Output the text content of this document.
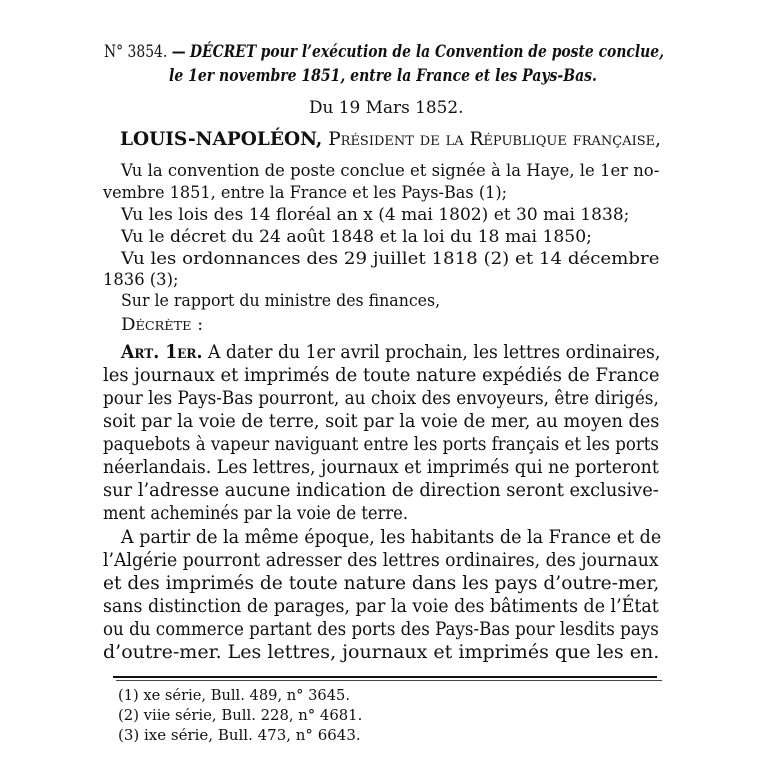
N° 3854. — DÉCRET pour l’exécution de la Convention de poste conclue,
le 1er novembre 1851, entre la France et les Pays-Bas.
Du 19 Mars 1852.
LOUIS-NAPOLÉON, Président de la République française,
Vu la convention de poste conclue et signée à la Haye, le 1er no-
vembre 1851, entre la France et les Pays-Bas (1);
Vu les lois des 14 floréal an x (4 mai 1802) et 30 mai 1838;
Vu le décret du 24 août 1848 et la loi du 18 mai 1850;
Vu les ordonnances des 29 juillet 1818 (2) et 14 décembre
1836 (3);
Sur le rapport du ministre des finances,
Décrète :
Art. 1er. A dater du 1er avril prochain, les lettres ordinaires,
les journaux et imprimés de toute nature expédiés de France
pour les Pays-Bas pourront, au choix des envoyeurs, être dirigés,
soit par la voie de terre, soit par la voie de mer, au moyen des
paquebots à vapeur naviguant entre les ports français et les ports
néerlandais. Les lettres, journaux et imprimés qui ne porteront
sur l’adresse aucune indication de direction seront exclusive-
ment acheminés par la voie de terre.
A partir de la même époque, les habitants de la France et de
l’Algérie pourront adresser des lettres ordinaires, des journaux
et des imprimés de toute nature dans les pays d’outre-mer,
sans distinction de parages, par la voie des bâtiments de l’État
ou du commerce partant des ports des Pays-Bas pour lesdits pays
d’outre-mer. Les lettres, journaux et imprimés que les en.
(1) xe série, Bull. 489, n° 3645.
(2) viie série, Bull. 228, n° 4681.
(3) ixe série, Bull. 473, n° 6643.
